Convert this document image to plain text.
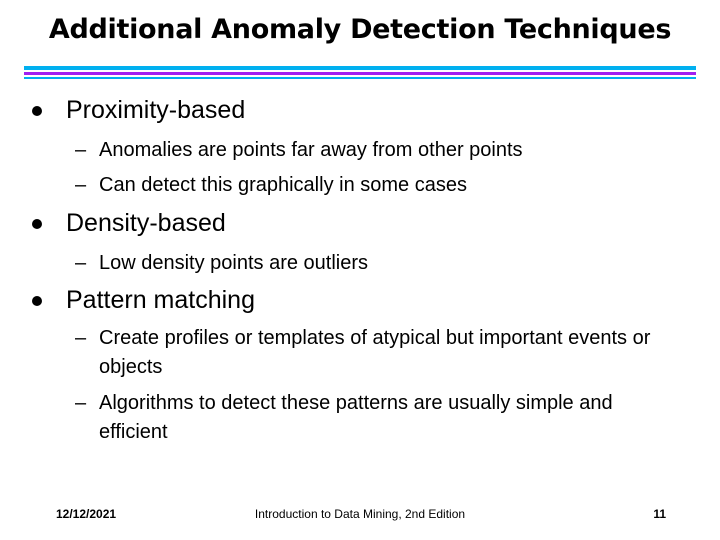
Additional Anomaly Detection Techniques
Proximity-based
– Anomalies are points far away from other points
– Can detect this graphically in some cases
Density-based
– Low density points are outliers
Pattern matching
– Create profiles or templates of atypical but important events or objects
– Algorithms to detect these patterns are usually simple and efficient
12/12/2021	Introduction to Data Mining, 2nd Edition	11
